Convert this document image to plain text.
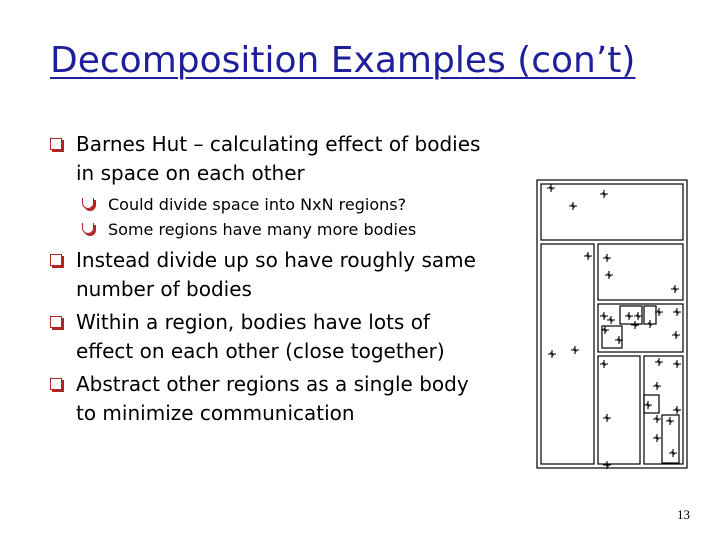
Decomposition Examples (con’t)
Barnes Hut – calculating effect of bodies in space on each other
Could divide space into NxN regions?
Some regions have many more bodies
Instead divide up so have roughly same number of bodies
Within a region, bodies have lots of effect on each other (close together)
Abstract other regions as a single body to minimize communication
13
